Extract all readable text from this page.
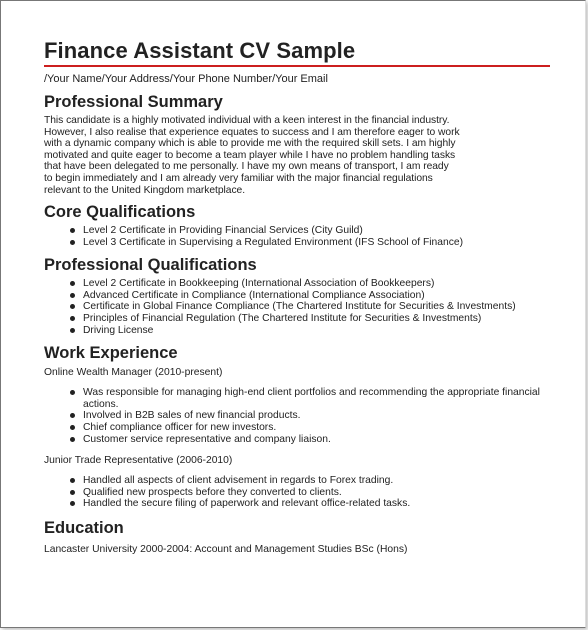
Finance Assistant CV Sample
/Your Name/Your Address/Your Phone Number/Your Email
Professional Summary
This candidate is a highly motivated individual with a keen interest in the financial industry.
However, I also realise that experience equates to success and I am therefore eager to work
with a dynamic company which is able to provide me with the required skill sets. I am highly
motivated and quite eager to become a team player while I have no problem handling tasks
that have been delegated to me personally. I have my own means of transport, I am ready
to begin immediately and I am already very familiar with the major financial regulations
relevant to the United Kingdom marketplace.
Core Qualifications
Level 2 Certificate in Providing Financial Services (City Guild)
Level 3 Certificate in Supervising a Regulated Environment (IFS School of Finance)
Professional Qualifications
Level 2 Certificate in Bookkeeping (International Association of Bookkeepers)
Advanced Certificate in Compliance (International Compliance Association)
Certificate in Global Finance Compliance (The Chartered Institute for Securities & Investments)
Principles of Financial Regulation (The Chartered Institute for Securities & Investments)
Driving License
Work Experience
Online Wealth Manager (2010-present)
Was responsible for managing high-end client portfolios and recommending the appropriate financial actions.
Involved in B2B sales of new financial products.
Chief compliance officer for new investors.
Customer service representative and company liaison.
Junior Trade Representative (2006-2010)
Handled all aspects of client advisement in regards to Forex trading.
Qualified new prospects before they converted to clients.
Handled the secure filing of paperwork and relevant office-related tasks.
Education
Lancaster University 2000-2004: Account and Management Studies BSc (Hons)
